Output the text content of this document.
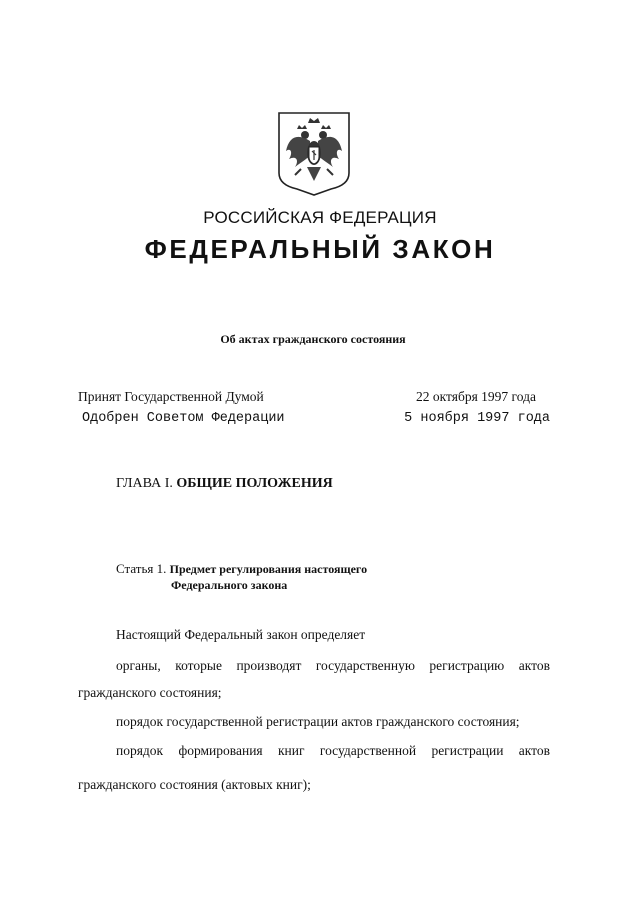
РОССИЙСКАЯ ФЕДЕРАЦИЯ
ФЕДЕРАЛЬНЫЙ ЗАКОН
Об актах гражданского состояния
Принят Государственной Думой	22 октября 1997 года
Одобрен Советом Федерации	5 ноября 1997 года
ГЛАВА I. ОБЩИЕ ПОЛОЖЕНИЯ
Статья 1. Предмет регулирования настоящего
Федерального закона
Настоящий Федеральный закон определяет
органы, которые производят государственную регистрацию актов
гражданского состояния;
порядок государственной регистрации актов гражданского состояния;
порядок формирования книг государственной регистрации актов
гражданского состояния (актовых книг);
